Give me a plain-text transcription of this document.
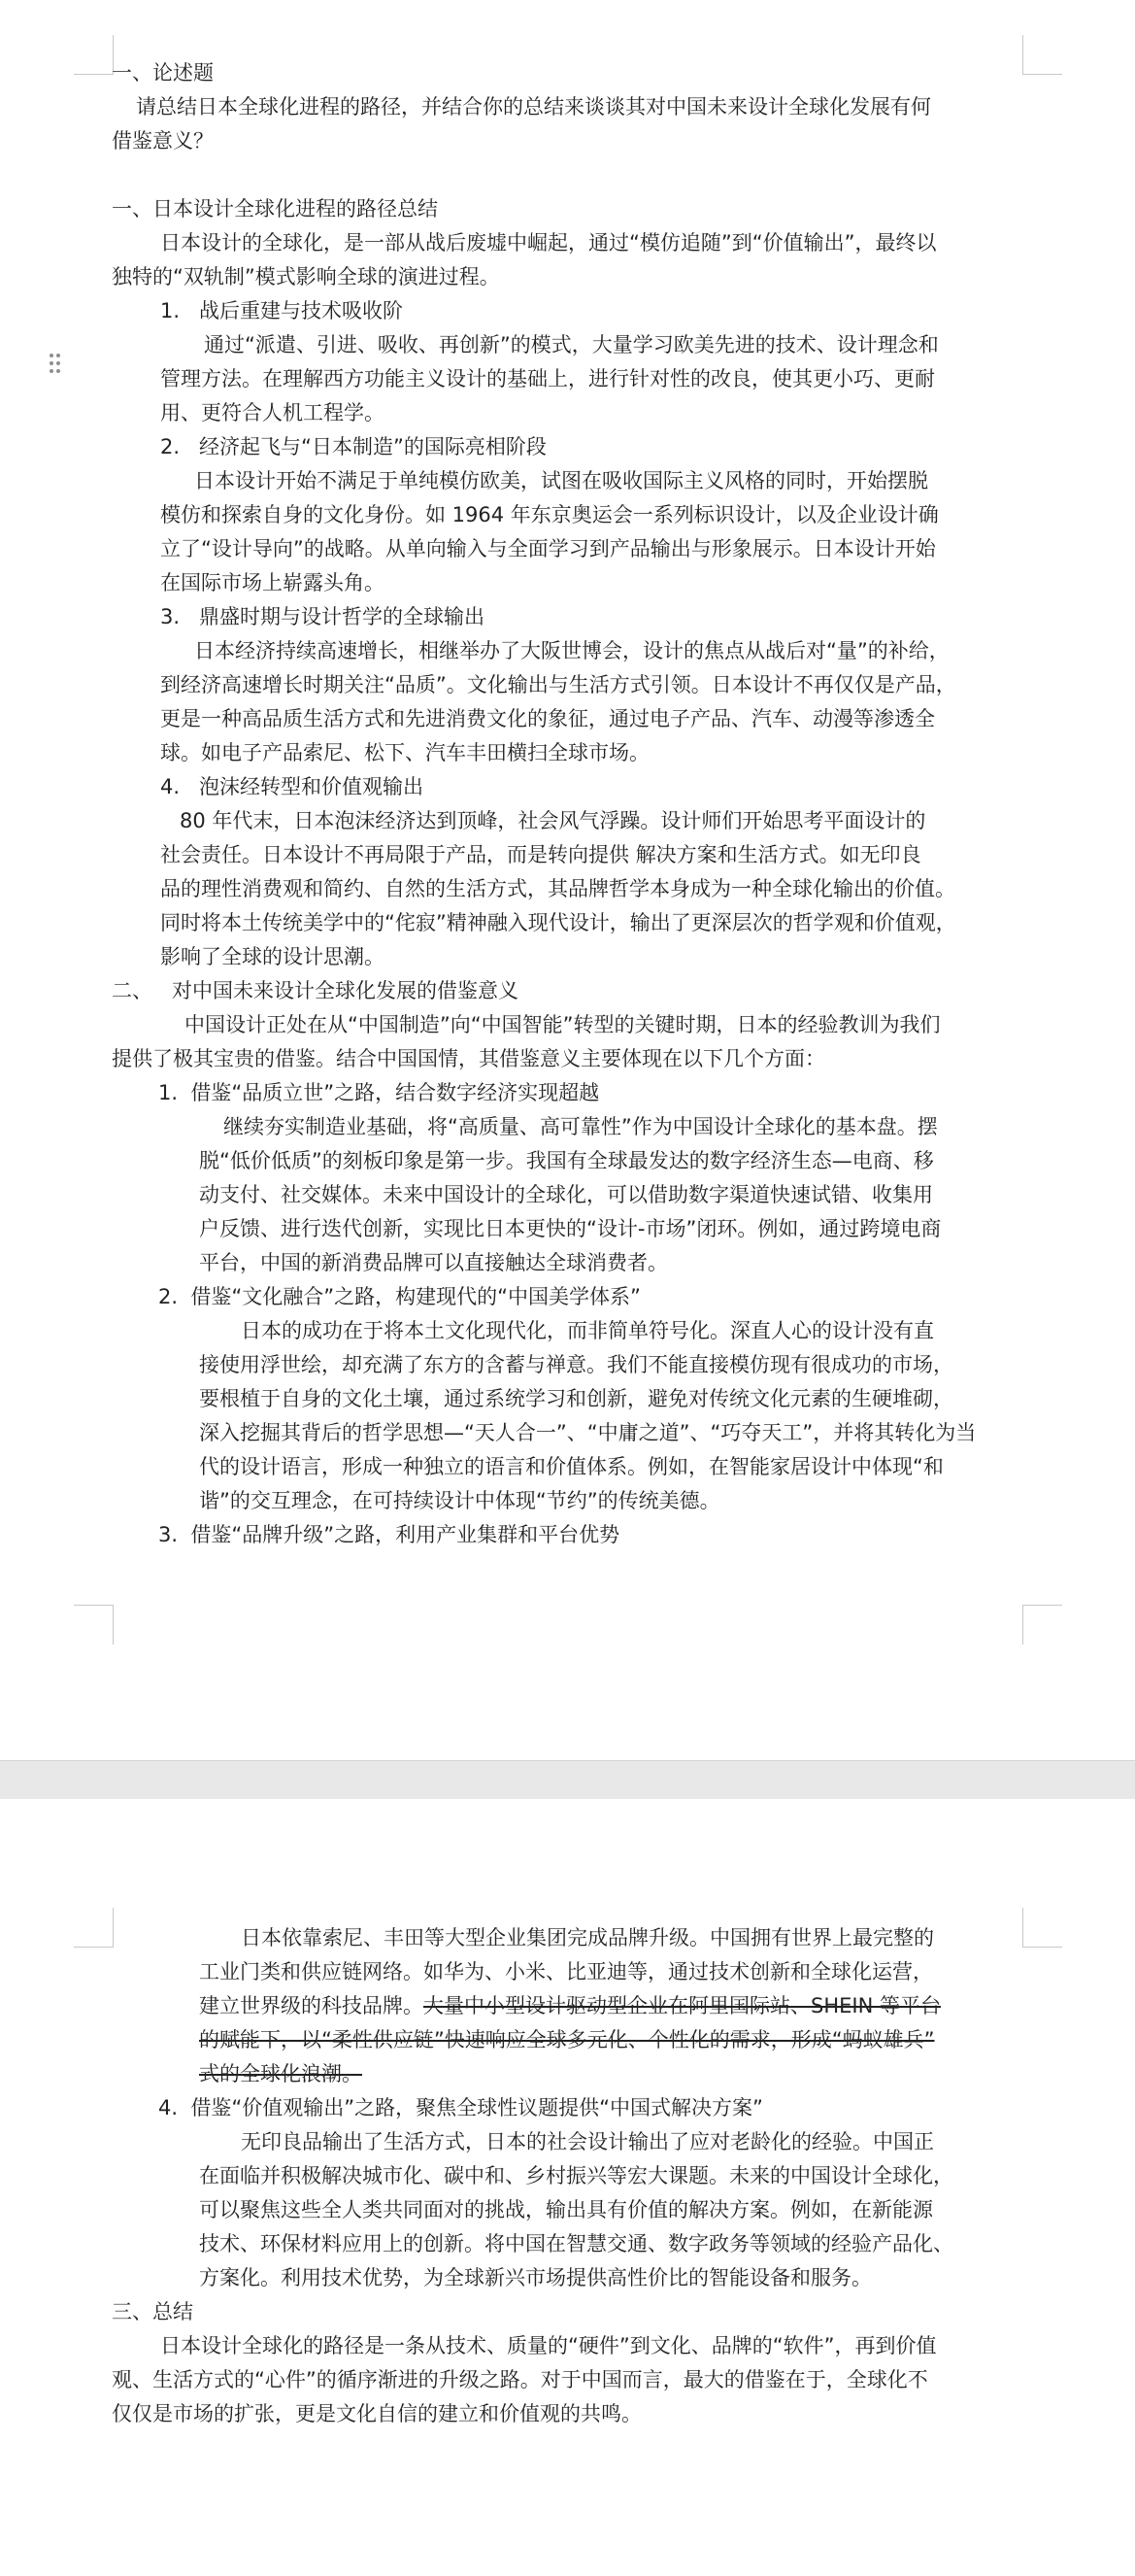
一、论述题
请总结日本全球化进程的路径，并结合你的总结来谈谈其对中国未来设计全球化发展有何
借鉴意义？
一、日本设计全球化进程的路径总结
日本设计的全球化，是一部从战后废墟中崛起，通过“模仿追随”到“价值输出”，最终以
独特的“双轨制”模式影响全球的演进过程。
1.   战后重建与技术吸收阶
通过“派遣、引进、吸收、再创新”的模式，大量学习欧美先进的技术、设计理念和
管理方法。在理解西方功能主义设计的基础上，进行针对性的改良，使其更小巧、更耐
用、更符合人机工程学。
2.   经济起飞与“日本制造”的国际亮相阶段
日本设计开始不满足于单纯模仿欧美，试图在吸收国际主义风格的同时，开始摆脱
模仿和探索自身的文化身份。如 1964 年东京奥运会一系列标识设计，以及企业设计确
立了“设计导向”的战略。从单向输入与全面学习到产品输出与形象展示。日本设计开始
在国际市场上崭露头角。
3.   鼎盛时期与设计哲学的全球输出
日本经济持续高速增长，相继举办了大阪世博会，设计的焦点从战后对“量”的补给，
到经济高速增长时期关注“品质”。文化输出与生活方式引领。日本设计不再仅仅是产品，
更是一种高品质生活方式和先进消费文化的象征，通过电子产品、汽车、动漫等渗透全
球。如电子产品索尼、松下、汽车丰田横扫全球市场。
4.   泡沫经转型和价值观输出
80 年代末，日本泡沫经济达到顶峰，社会风气浮躁。设计师们开始思考平面设计的
社会责任。日本设计不再局限于产品，而是转向提供 解决方案和生活方式。如无印良
品的理性消费观和简约、自然的生活方式，其品牌哲学本身成为一种全球化输出的价值。
同时将本土传统美学中的“侘寂”精神融入现代设计，输出了更深层次的哲学观和价值观，
影响了全球的设计思潮。
二、   对中国未来设计全球化发展的借鉴意义
中国设计正处在从“中国制造”向“中国智能”转型的关键时期，日本的经验教训为我们
提供了极其宝贵的借鉴。结合中国国情，其借鉴意义主要体现在以下几个方面：
1.  借鉴“品质立世”之路，结合数字经济实现超越
继续夯实制造业基础，将“高质量、高可靠性”作为中国设计全球化的基本盘。摆
脱“低价低质”的刻板印象是第一步。我国有全球最发达的数字经济生态—电商、移
动支付、社交媒体。未来中国设计的全球化，可以借助数字渠道快速试错、收集用
户反馈、进行迭代创新，实现比日本更快的“设计-市场”闭环。例如，通过跨境电商
平台，中国的新消费品牌可以直接触达全球消费者。
2.  借鉴“文化融合”之路，构建现代的“中国美学体系”
日本的成功在于将本土文化现代化，而非简单符号化。深直人心的设计没有直
接使用浮世绘，却充满了东方的含蓄与禅意。我们不能直接模仿现有很成功的市场，
要根植于自身的文化土壤，通过系统学习和创新，避免对传统文化元素的生硬堆砌，
深入挖掘其背后的哲学思想—“天人合一”、“中庸之道”、“巧夺天工”，并将其转化为当
代的设计语言，形成一种独立的语言和价值体系。例如，在智能家居设计中体现“和
谐”的交互理念，在可持续设计中体现“节约”的传统美德。
3.  借鉴“品牌升级”之路，利用产业集群和平台优势
日本依靠索尼、丰田等大型企业集团完成品牌升级。中国拥有世界上最完整的
工业门类和供应链网络。如华为、小米、比亚迪等，通过技术创新和全球化运营，
建立世界级的科技品牌。大量中小型设计驱动型企业在阿里国际站、SHEIN 等平台
的赋能下，以“柔性供应链”快速响应全球多元化、个性化的需求，形成“蚂蚁雄兵”
式的全球化浪潮。
4.  借鉴“价值观输出”之路，聚焦全球性议题提供“中国式解决方案”
无印良品输出了生活方式，日本的社会设计输出了应对老龄化的经验。中国正
在面临并积极解决城市化、碳中和、乡村振兴等宏大课题。未来的中国设计全球化，
可以聚焦这些全人类共同面对的挑战，输出具有价值的解决方案。例如，在新能源
技术、环保材料应用上的创新。将中国在智慧交通、数字政务等领域的经验产品化、
方案化。利用技术优势，为全球新兴市场提供高性价比的智能设备和服务。
三、总结
日本设计全球化的路径是一条从技术、质量的“硬件”到文化、品牌的“软件”，再到价值
观、生活方式的“心件”的循序渐进的升级之路。对于中国而言，最大的借鉴在于，全球化不
仅仅是市场的扩张，更是文化自信的建立和价值观的共鸣。
